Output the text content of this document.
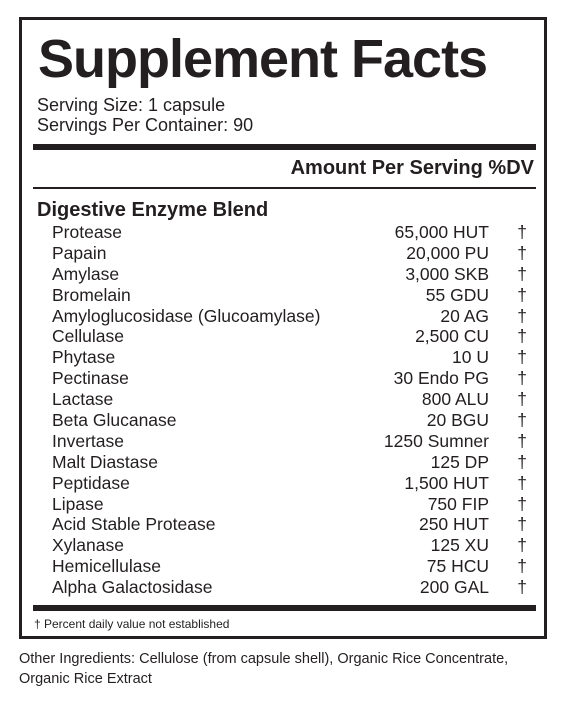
Supplement Facts
Serving Size: 1 capsule
Servings Per Container: 90
Amount Per Serving %DV
Digestive Enzyme Blend
Protease	65,000 HUT †
Papain	20,000 PU †
Amylase	3,000 SKB †
Bromelain	55 GDU †
Amyloglucosidase (Glucoamylase)	20 AG †
Cellulase	2,500 CU †
Phytase	10 U †
Pectinase	30 Endo PG †
Lactase	800 ALU †
Beta Glucanase	20 BGU †
Invertase	1250 Sumner †
Malt Diastase	125 DP †
Peptidase	1,500 HUT †
Lipase	750 FIP †
Acid Stable Protease	250 HUT †
Xylanase	125 XU †
Hemicellulase	75 HCU †
Alpha Galactosidase	200 GAL †
† Percent daily value not established
Other Ingredients: Cellulose (from capsule shell), Organic Rice Concentrate, Organic Rice Extract
